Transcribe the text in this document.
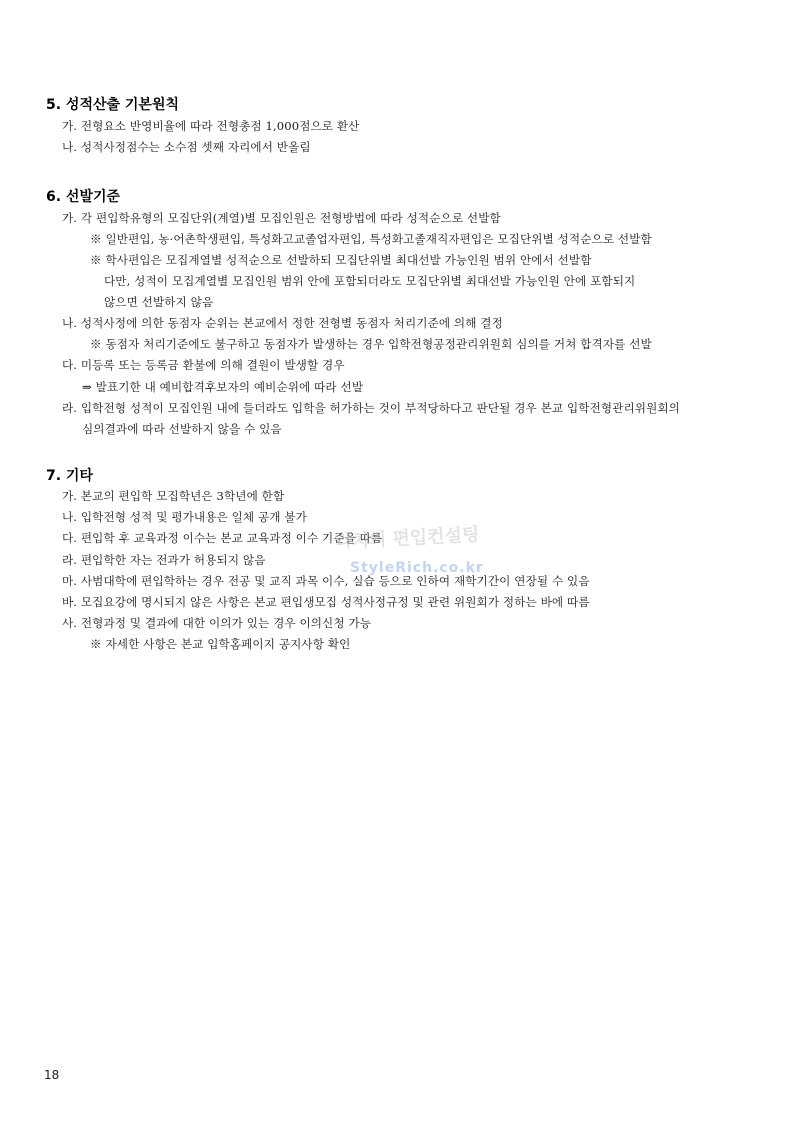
5. 성적산출 기본원칙
가. 전형요소 반영비율에 따라 전형총점 1,000점으로 환산
나. 성적사정점수는 소수점 셋째 자리에서 반올림
6. 선발기준
가. 각 편입학유형의 모집단위(계열)별 모집인원은 전형방법에 따라 성적순으로 선발함
※ 일반편입, 농·어촌학생편입, 특성화고교졸업자편입, 특성화고졸재직자편입은 모집단위별 성적순으로 선발함
※ 학사편입은 모집계열별 성적순으로 선발하되 모집단위별 최대선발 가능인원 범위 안에서 선발함
다만, 성적이 모집계열별 모집인원 범위 안에 포함되더라도 모집단위별 최대선발 가능인원 안에 포함되지
않으면 선발하지 않음
나. 성적사정에 의한 동점자 순위는 본교에서 정한 전형별 동점자 처리기준에 의해 결정
※ 동점자 처리기준에도 불구하고 동점자가 발생하는 경우 입학전형공정관리위원회 심의를 거쳐 합격자를 선발
다. 미등록 또는 등록금 환불에 의해 결원이 발생할 경우
⇒ 발표기한 내 예비합격후보자의 예비순위에 따라 선발
라. 입학전형 성적이 모집인원 내에 들더라도 입학을 허가하는 것이 부적당하다고 판단될 경우 본교 입학전형관리위원회의
심의결과에 따라 선발하지 않을 수 있음
7. 기타
가. 본교의 편입학 모집학년은 3학년에 한함
나. 입학전형 성적 및 평가내용은 일체 공개 불가
다. 편입학 후 교육과정 이수는 본교 교육과정 이수 기준을 따름
라. 편입학한 자는 전과가 허용되지 않음
마. 사범대학에 편입학하는 경우 전공 및 교직 과목 이수, 실습 등으로 인하여 재학기간이 연장될 수 있음
바. 모집요강에 명시되지 않은 사항은 본교 편입생모집 성적사정규정 및 관련 위원회가 정하는 바에 따름
사. 전형과정 및 결과에 대한 이의가 있는 경우 이의신청 가능
※ 자세한 사항은 본교 입학홈페이지 공지사항 확인
리치의 편입컨설팅
StyleRich.co.kr
18
